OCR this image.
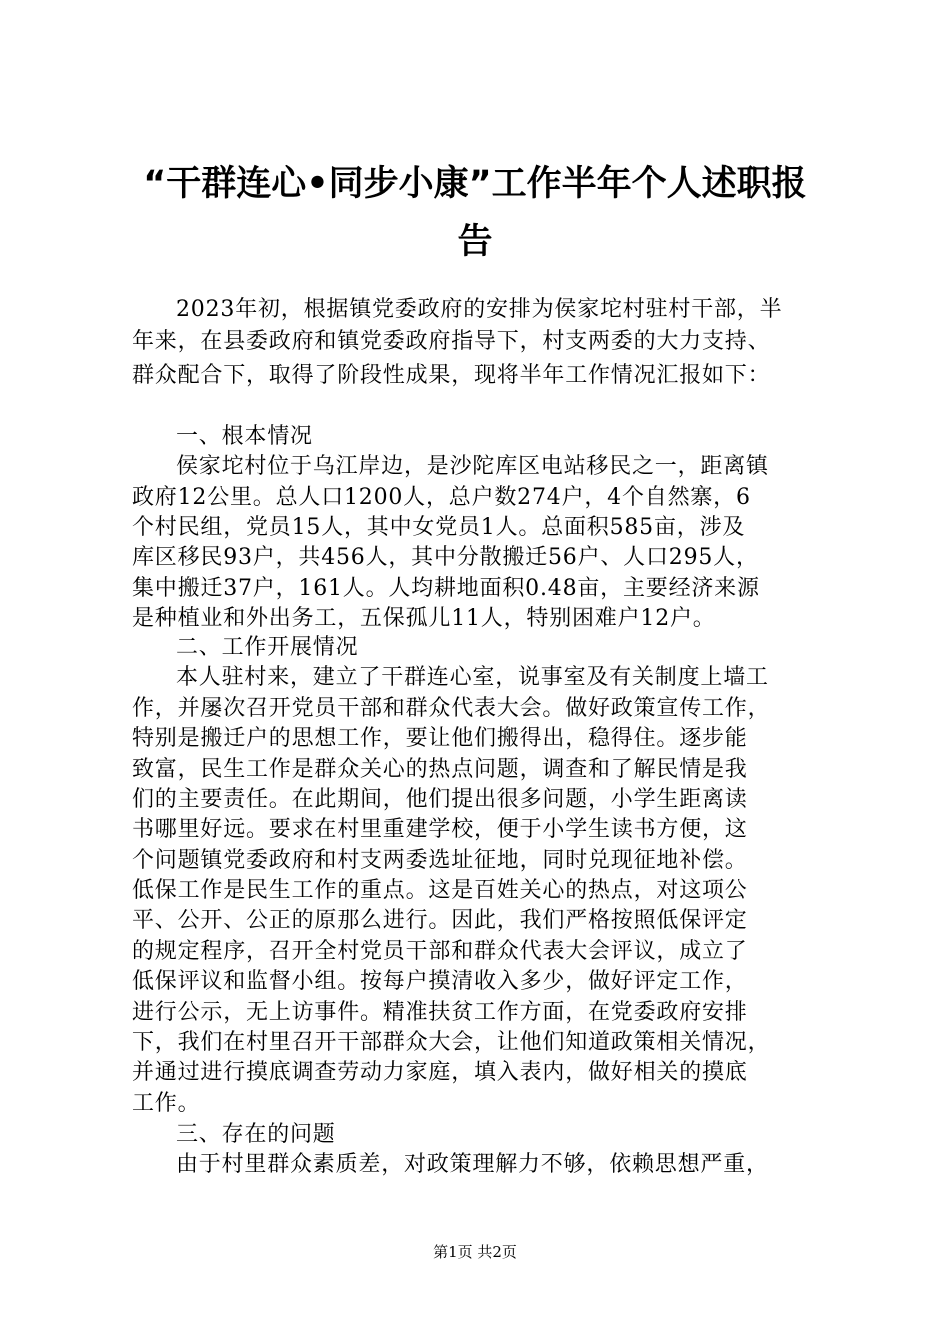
“干群连心•同步小康”工作半年个人述职报
告
2023年初，根据镇党委政府的安排为侯家坨村驻村干部，半
年来，在县委政府和镇党委政府指导下，村支两委的大力支持、
群众配合下，取得了阶段性成果，现将半年工作情况汇报如下：
一、根本情况
侯家坨村位于乌江岸边，是沙陀库区电站移民之一，距离镇
政府12公里。总人口1200人，总户数274户，4个自然寨，6
个村民组，党员15人，其中女党员1人。总面积585亩，涉及
库区移民93户，共456人，其中分散搬迁56户、人口295人，
集中搬迁37户，161人。人均耕地面积0.48亩，主要经济来源
是种植业和外出务工，五保孤儿11人，特别困难户12户。
二、工作开展情况
本人驻村来，建立了干群连心室，说事室及有关制度上墙工
作，并屡次召开党员干部和群众代表大会。做好政策宣传工作，
特别是搬迁户的思想工作，要让他们搬得出，稳得住。逐步能
致富，民生工作是群众关心的热点问题，调查和了解民情是我
们的主要责任。在此期间，他们提出很多问题，小学生距离读
书哪里好远。要求在村里重建学校，便于小学生读书方便，这
个问题镇党委政府和村支两委选址征地，同时兑现征地补偿。
低保工作是民生工作的重点。这是百姓关心的热点，对这项公
平、公开、公正的原那么进行。因此，我们严格按照低保评定
的规定程序，召开全村党员干部和群众代表大会评议，成立了
低保评议和监督小组。按每户摸清收入多少，做好评定工作，
进行公示，无上访事件。精准扶贫工作方面，在党委政府安排
下，我们在村里召开干部群众大会，让他们知道政策相关情况，
并通过进行摸底调查劳动力家庭，填入表内，做好相关的摸底
工作。
三、存在的问题
由于村里群众素质差，对政策理解力不够，依赖思想严重，
第1页 共2页
